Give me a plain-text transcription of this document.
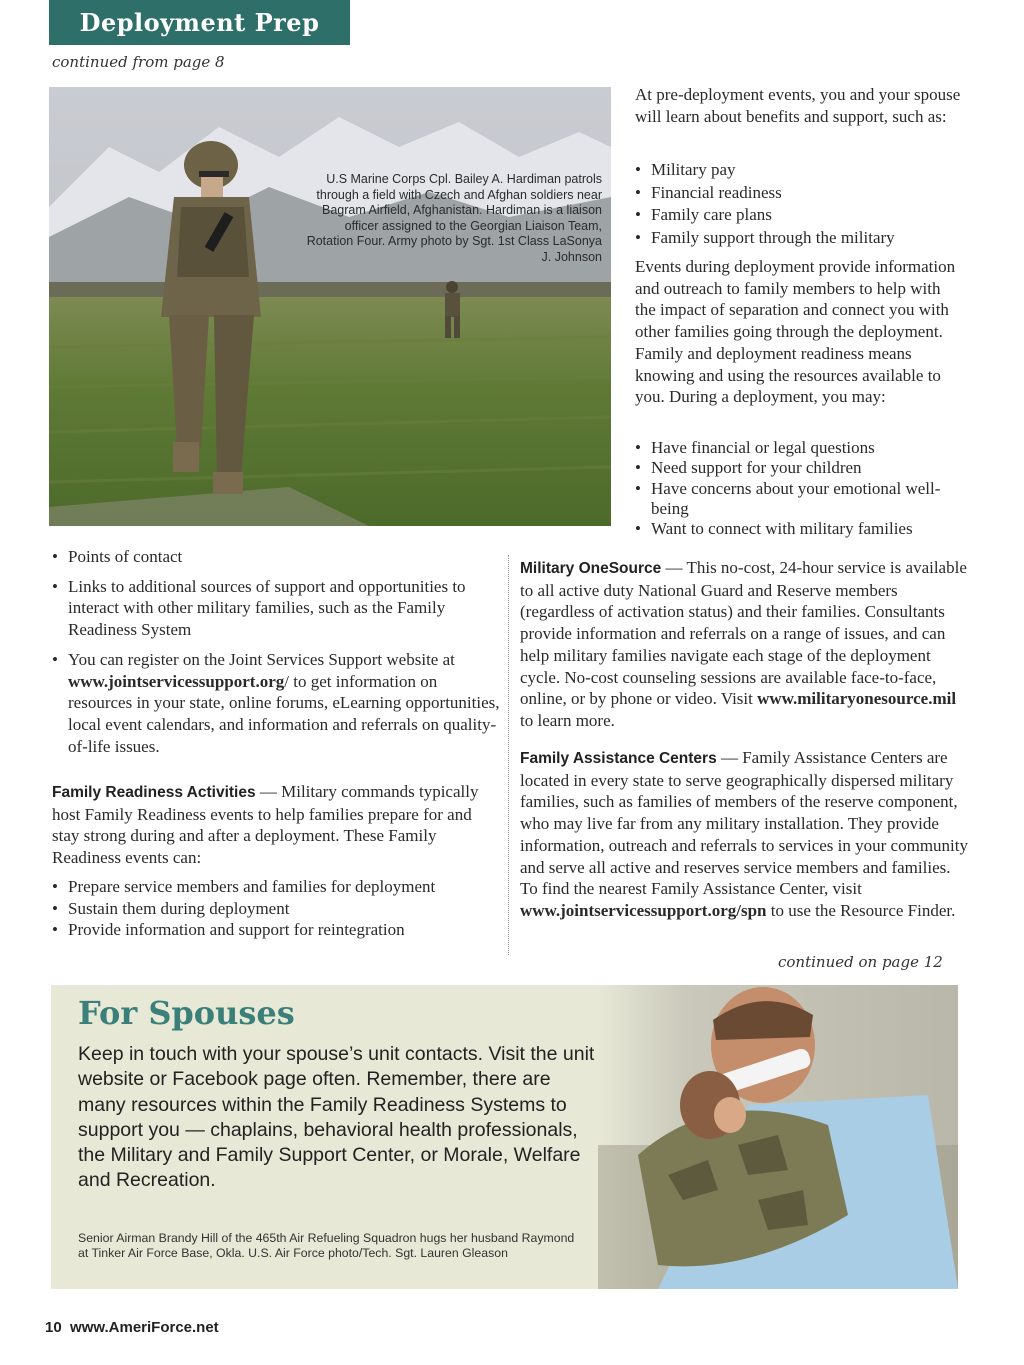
Deployment Prep
continued from page 8
U.S Marine Corps Cpl. Bailey A. Hardiman patrols through a field with Czech and Afghan soldiers near Bagram Airfield, Afghanistan. Hardiman is a liaison officer assigned to the Georgian Liaison Team, Rotation Four. Army photo by Sgt. 1st Class LaSonya J. Johnson
At pre-deployment events, you and your spouse will learn about benefits and support, such as:
• Military pay
• Financial readiness
• Family care plans
• Family support through the military
Events during deployment provide information and outreach to family members to help with the impact of separation and connect you with other families going through the deployment. Family and deployment readiness means knowing and using the resources available to you. During a deployment, you may:
• Have financial or legal questions
• Need support for your children
• Have concerns about your emotional well-being
• Want to connect with military families
• Points of contact
• Links to additional sources of support and opportunities to interact with other military families, such as the Family Readiness System
• You can register on the Joint Services Support website at www.jointservicessupport.org/ to get information on resources in your state, online forums, eLearning opportunities, local event calendars, and information and referrals on quality-of-life issues.
Family Readiness Activities — Military commands typically host Family Readiness events to help families prepare for and stay strong during and after a deployment. These Family Readiness events can:
• Prepare service members and families for deployment
• Sustain them during deployment
• Provide information and support for reintegration
Military OneSource — This no-cost, 24-hour service is available to all active duty National Guard and Reserve members (regardless of activation status) and their families. Consultants provide information and referrals on a range of issues, and can help military families navigate each stage of the deployment cycle. No-cost counseling sessions are available face-to-face, online, or by phone or video. Visit www.militaryonesource.mil to learn more.
Family Assistance Centers — Family Assistance Centers are located in every state to serve geographically dispersed military families, such as families of members of the reserve component, who may live far from any military installation. They provide information, outreach and referrals to services in your community and serve all active and reserves service members and families. To find the nearest Family Assistance Center, visit www.jointservicessupport.org/spn to use the Resource Finder.
continued on page 12
For Spouses
Keep in touch with your spouse’s unit contacts. Visit the unit website or Facebook page often. Remember, there are many resources within the Family Readiness Systems to support you — chaplains, behavioral health professionals, the Military and Family Support Center, or Morale, Welfare and Recreation.
Senior Airman Brandy Hill of the 465th Air Refueling Squadron hugs her husband Raymond at Tinker Air Force Base, Okla. U.S. Air Force photo/Tech. Sgt. Lauren Gleason
10 www.AmeriForce.net
